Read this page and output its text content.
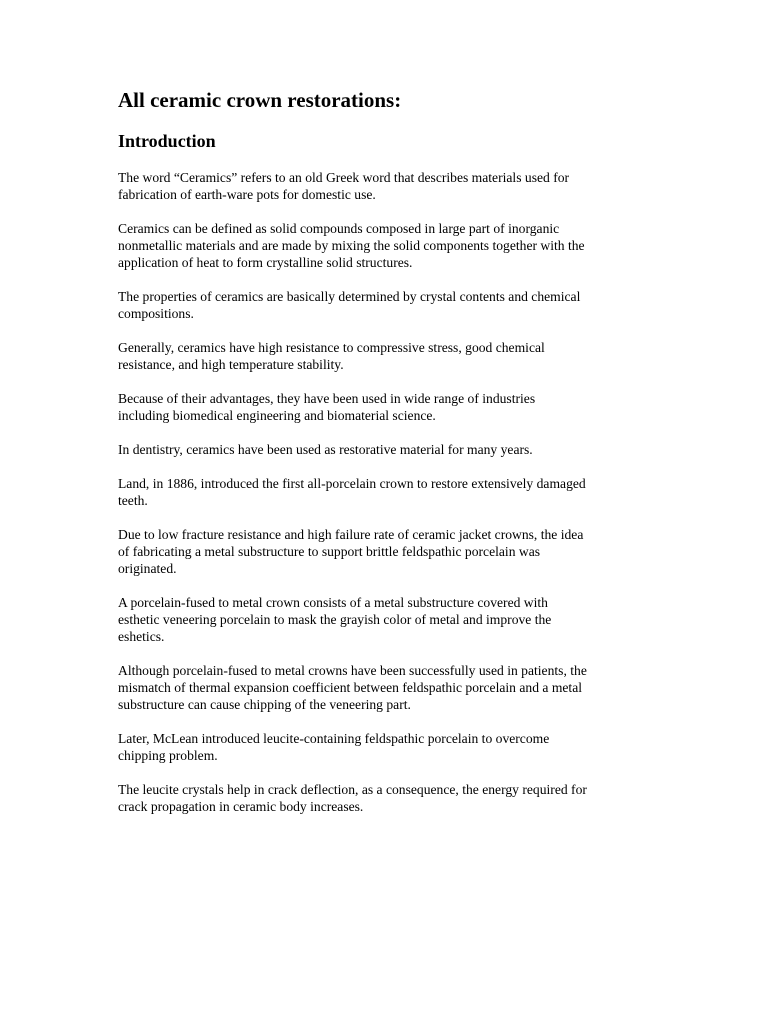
All ceramic crown restorations:
Introduction

The word “Ceramics” refers to an old Greek word that describes materials used for
fabrication of earth-ware pots for domestic use.

Ceramics can be defined as solid compounds composed in large part of inorganic
nonmetallic materials and are made by mixing the solid components together with the
application of heat to form crystalline solid structures.

The properties of ceramics are basically determined by crystal contents and chemical
compositions.

Generally, ceramics have high resistance to compressive stress, good chemical
resistance, and high temperature stability.

Because of their advantages, they have been used in wide range of industries
including biomedical engineering and biomaterial science.

In dentistry, ceramics have been used as restorative material for many years.

Land, in 1886, introduced the first all-porcelain crown to restore extensively damaged
teeth.

Due to low fracture resistance and high failure rate of ceramic jacket crowns, the idea
of fabricating a metal substructure to support brittle feldspathic porcelain was
originated.

A porcelain-fused to metal crown consists of a metal substructure covered with
esthetic veneering porcelain to mask the grayish color of metal and improve the
eshetics.

Although porcelain-fused to metal crowns have been successfully used in patients, the
mismatch of thermal expansion coefficient between feldspathic porcelain and a metal
substructure can cause chipping of the veneering part.

Later, McLean introduced leucite-containing feldspathic porcelain to overcome
chipping problem.

The leucite crystals help in crack deflection, as a consequence, the energy required for
crack propagation in ceramic body increases.
